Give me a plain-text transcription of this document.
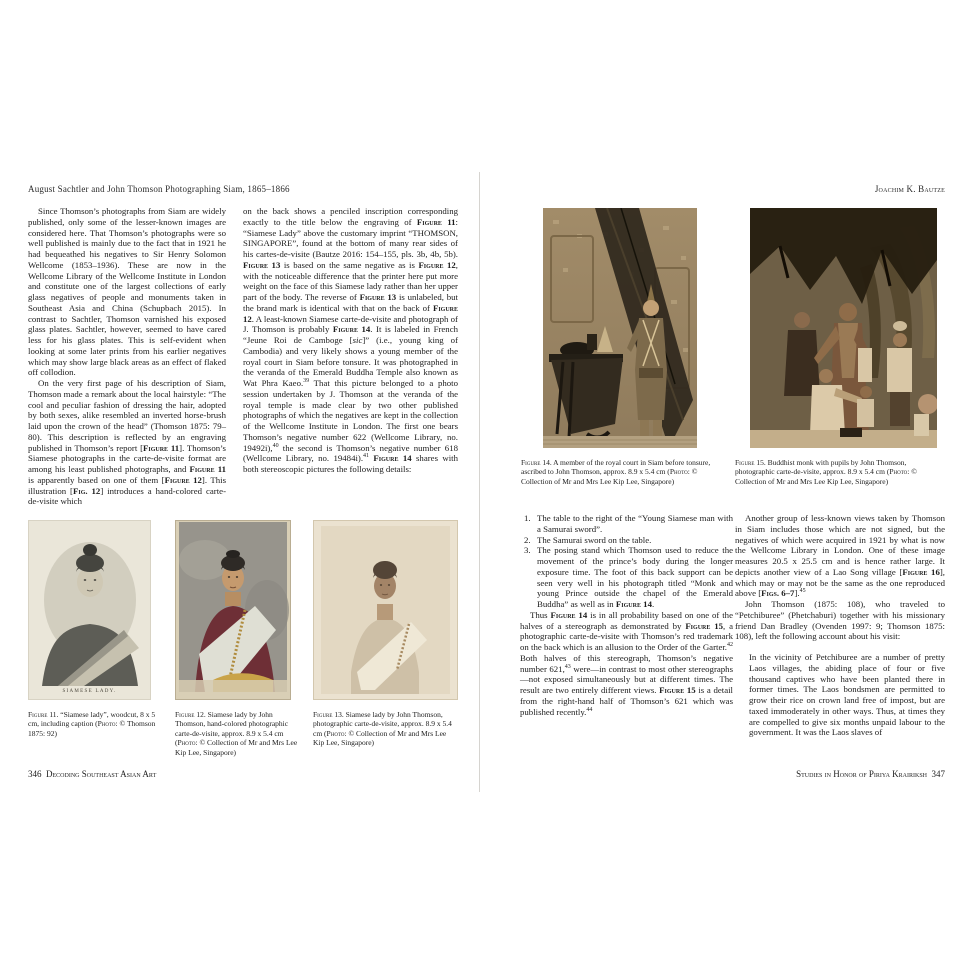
August Sachtler and John Thomson Photographing Siam, 1865–1866

Since Thomson’s photographs from Siam are widely published, only some of the lesser-known images are considered here. That Thomson’s photographs were so well published is mainly due to the fact that in 1921 he had bequeathed his negatives to Sir Henry Solomon Wellcome (1853–1936). These are now in the Wellcome Library of the Wellcome Institute in London and constitute one of the largest collections of early glass negatives of people and monuments taken in Southeast Asia and China (Schupbach 2015). In contrast to Sachtler, Thomson varnished his exposed glass plates. Sachtler, however, seemed to have cared less for his glass plates. This is self-evident when looking at some later prints from his earlier negatives which may show large black areas as an effect of flaked off collodion.

On the very first page of his description of Siam, Thomson made a remark about the local hairstyle: “The cool and peculiar fashion of dressing the hair, adopted by both sexes, alike resembled an inverted horse-brush laid upon the crown of the head” (Thomson 1875: 79–80). This description is reflected by an engraving published in Thomson’s report [Figure 11]. Thomson’s Siamese photographs in the carte-de-visite format are among his least published photographs, and Figure 11 is apparently based on one of them [Figure 12]. This illustration [Fig. 12] introduces a hand-colored carte-de-visite which

on the back shows a penciled inscription corresponding exactly to the title below the engraving of Figure 11: “Siamese Lady” above the customary imprint “THOMSON, SINGAPORE”, found at the bottom of many rear sides of his cartes-de-visite (Bautze 2016: 154–155, pls. 3b, 4b, 5b). Figure 13 is based on the same negative as is Figure 12, with the noticeable difference that the printer here put more weight on the face of this Siamese lady rather than her upper part of the body. The reverse of Figure 13 is unlabeled, but the brand mark is identical with that on the back of Figure 12. A least-known Siamese carte-de-visite and photograph of J. Thomson is probably Figure 14. It is labeled in French “Jeune Roi de Camboge [sic]” (i.e., young king of Cambodia) and very likely shows a young member of the royal court in Siam before tonsure. It was photographed in the veranda of the Emerald Buddha Temple also known as Wat Phra Kaeo.$^{39}$ That this picture belonged to a photo session undertaken by J. Thomson at the veranda of the royal temple is made clear by two other published photographs of which the negatives are kept in the collection of the Wellcome Institute in London. The first one bears Thomson’s negative number 622 (Wellcome Library, no. 19492i),$^{40}$ the second is Thomson’s negative number 618 (Wellcome Library, no. 19484i).$^{41}$ Figure 14 shares with both stereoscopic pictures the following details:

SIAMESE LADY.
Figure 11. “Siamese lady”, woodcut, 8 x 5 cm, including caption (Photo: © Thomson 1875: 92)
Figure 12. Siamese lady by John Thomson, hand-colored photographic carte-de-visite, approx. 8.9 x 5.4 cm (Photo: © Collection of Mr and Mrs Lee Kip Lee, Singapore)
Figure 13. Siamese lady by John Thomson, photographic carte-de-visite, approx. 8.9 x 5.4 cm (Photo: © Collection of Mr and Mrs Lee Kip Lee, Singapore)
346 Decoding Southeast Asian Art
Joachim K. Bautze
Figure 14. A member of the royal court in Siam before tonsure, ascribed to John Thomson, approx. 8.9 x 5.4 cm (Photo: © Collection of Mr and Mrs Lee Kip Lee, Singapore)
Figure 15. Buddhist monk with pupils by John Thomson, photographic carte-de-visite, approx. 8.9 x 5.4 cm (Photo: © Collection of Mr and Mrs Lee Kip Lee, Singapore)
1. The table to the right of the “Young Siamese man with a Samurai sword”.
2. The Samurai sword on the table.
3. The posing stand which Thomson used to reduce the movement of the prince’s body during the longer exposure time. The foot of this back support can be seen very well in his photograph titled “Monk and young Prince outside the chapel of the Emerald Buddha” as well as in Figure 14.

Thus Figure 14 is in all probability based on one of the halves of a stereograph as demonstrated by Figure 15, a photographic carte-de-visite with Thomson’s red trademark on the back which is an allusion to the Order of the Garter.$^{42}$ Both halves of this stereograph, Thomson’s negative number 621,43 were—in contrast to most other stereographs—not exposed simultaneously but at different times. The result are two entirely different views. Figure 15 is a detail from the right-hand half of Thomson’s 621 which was published recently.$^{44}$

Another group of less-known views taken by Thomson in Siam includes those which are not signed, but the negatives of which were acquired in 1921 by what is now the Wellcome Library in London. One of these image measures 20.5 x 25.5 cm and is hence rather large. It depicts another view of a Lao Song village [Figure 16], which may or may not be the same as the one reproduced above [Figs. 6–7].$^{45}$

John Thomson (1875: 108), who traveled to “Petchiburee” (Phetchaburi) together with his missionary friend Dan Bradley (Ovenden 1997: 9; Thomson 1875: 108), left the following account about his visit:

In the vicinity of Petchiburee are a number of pretty Laos villages, the abiding place of four or five thousand captives who have been planted there in former times. The Laos bondsmen are permitted to grow their rice on crown land free of impost, but are taxed immoderately in other ways. Thus, at times they are compelled to give six months unpaid labour to the government. It was the Laos slaves of
Studies in Honor of Piriya Krairiksh 347
